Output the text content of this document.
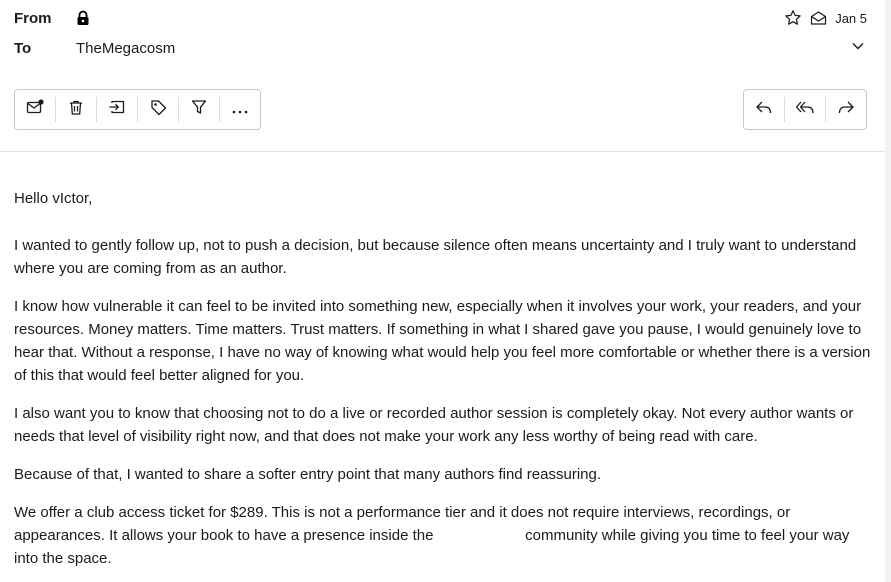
From	Jan 5
To	TheMegacosm

Hello vIctor,

I wanted to gently follow up, not to push a decision, but because silence often means uncertainty and I truly want to understand where you are coming from as an author.

I know how vulnerable it can feel to be invited into something new, especially when it involves your work, your readers, and your resources. Money matters. Time matters. Trust matters. If something in what I shared gave you pause, I would genuinely love to hear that. Without a response, I have no way of knowing what would help you feel more comfortable or whether there is a version of this that would feel better aligned for you.

I also want you to know that choosing not to do a live or recorded author session is completely okay. Not every author wants or needs that level of visibility right now, and that does not make your work any less worthy of being read with care.

Because of that, I wanted to share a softer entry point that many authors find reassuring.

We offer a club access ticket for $289. This is not a performance tier and it does not require interviews, recordings, or appearances. It allows your book to have a presence inside the                      community while giving you time to feel your way into the space.
